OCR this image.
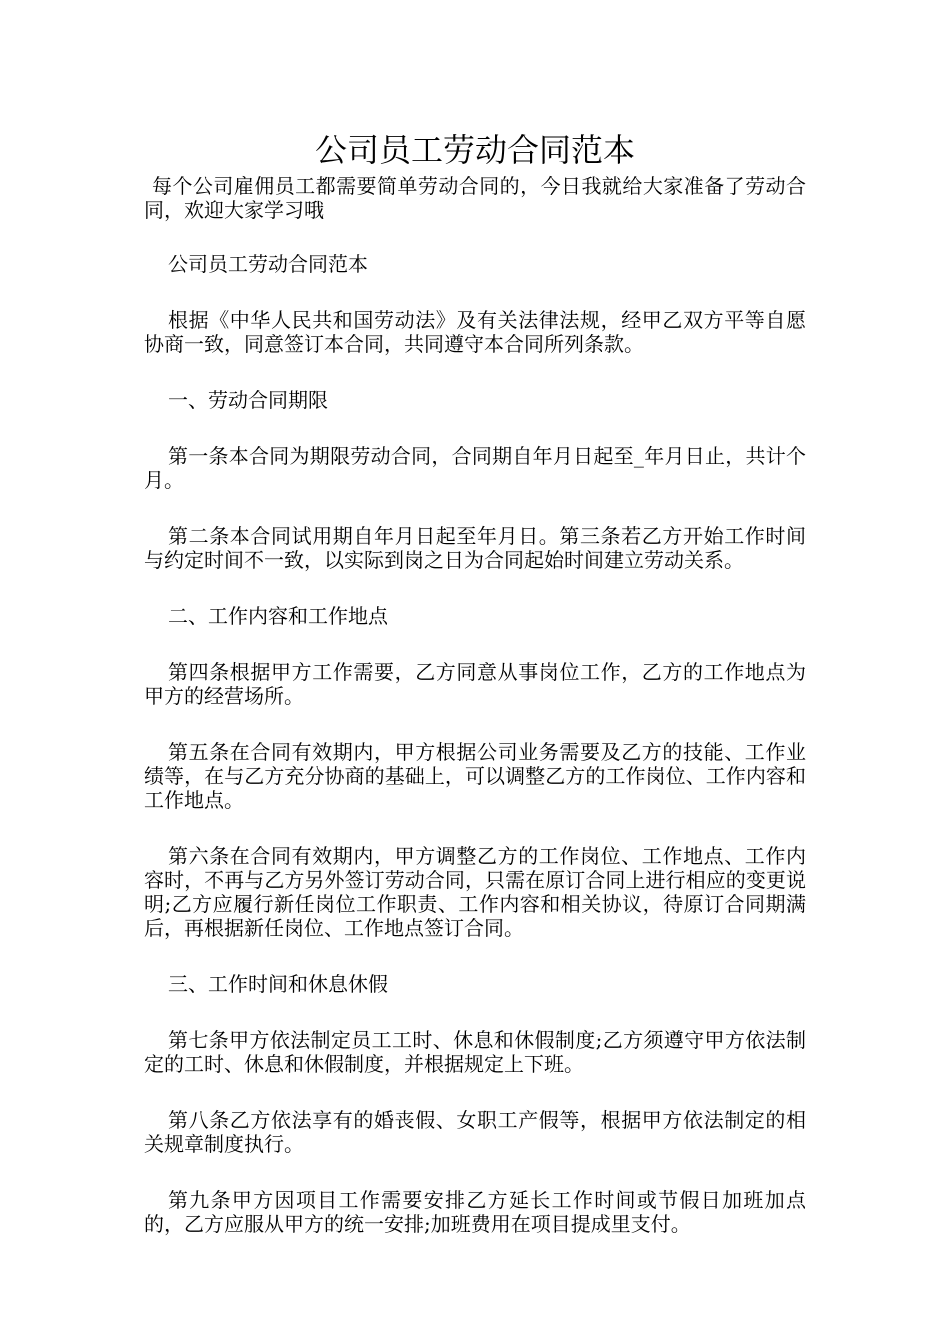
公司员工劳动合同范本

每个公司雇佣员工都需要简单劳动合同的，今日我就给大家准备了劳动合同，欢迎大家学习哦

公司员工劳动合同范本

根据《中华人民共和国劳动法》及有关法律法规，经甲乙双方平等自愿协商一致，同意签订本合同，共同遵守本合同所列条款。

一、劳动合同期限

第一条本合同为期限劳动合同，合同期自年月日起至_年月日止，共计个月。

第二条本合同试用期自年月日起至年月日。第三条若乙方开始工作时间与约定时间不一致，以实际到岗之日为合同起始时间建立劳动关系。

二、工作内容和工作地点

第四条根据甲方工作需要，乙方同意从事岗位工作，乙方的工作地点为甲方的经营场所。

第五条在合同有效期内，甲方根据公司业务需要及乙方的技能、工作业绩等，在与乙方充分协商的基础上，可以调整乙方的工作岗位、工作内容和工作地点。

第六条在合同有效期内，甲方调整乙方的工作岗位、工作地点、工作内容时，不再与乙方另外签订劳动合同，只需在原订合同上进行相应的变更说明;乙方应履行新任岗位工作职责、工作内容和相关协议，待原订合同期满后，再根据新任岗位、工作地点签订合同。

三、工作时间和休息休假

第七条甲方依法制定员工工时、休息和休假制度;乙方须遵守甲方依法制定的工时、休息和休假制度，并根据规定上下班。

第八条乙方依法享有的婚丧假、女职工产假等，根据甲方依法制定的相关规章制度执行。

第九条甲方因项目工作需要安排乙方延长工作时间或节假日加班加点的，乙方应服从甲方的统一安排;加班费用在项目提成里支付。
